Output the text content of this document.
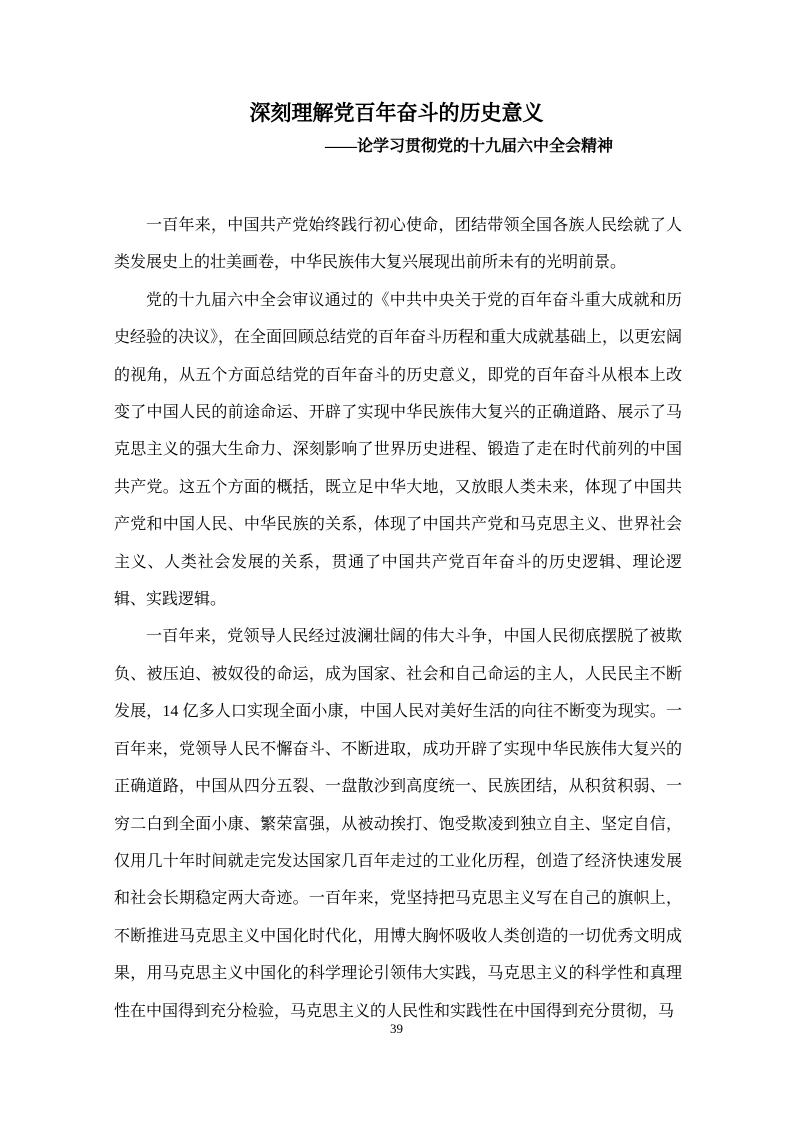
深刻理解党百年奋斗的历史意义
——论学习贯彻党的十九届六中全会精神

一百年来，中国共产党始终践行初心使命，团结带领全国各族人民绘就了人类发展史上的壮美画卷，中华民族伟大复兴展现出前所未有的光明前景。

党的十九届六中全会审议通过的《中共中央关于党的百年奋斗重大成就和历史经验的决议》，在全面回顾总结党的百年奋斗历程和重大成就基础上，以更宏阔的视角，从五个方面总结党的百年奋斗的历史意义，即党的百年奋斗从根本上改变了中国人民的前途命运、开辟了实现中华民族伟大复兴的正确道路、展示了马克思主义的强大生命力、深刻影响了世界历史进程、锻造了走在时代前列的中国共产党。这五个方面的概括，既立足中华大地，又放眼人类未来，体现了中国共产党和中国人民、中华民族的关系，体现了中国共产党和马克思主义、世界社会主义、人类社会发展的关系，贯通了中国共产党百年奋斗的历史逻辑、理论逻辑、实践逻辑。

一百年来，党领导人民经过波澜壮阔的伟大斗争，中国人民彻底摆脱了被欺负、被压迫、被奴役的命运，成为国家、社会和自己命运的主人，人民民主不断发展，14 亿多人口实现全面小康，中国人民对美好生活的向往不断变为现实。一百年来，党领导人民不懈奋斗、不断进取，成功开辟了实现中华民族伟大复兴的正确道路，中国从四分五裂、一盘散沙到高度统一、民族团结，从积贫积弱、一穷二白到全面小康、繁荣富强，从被动挨打、饱受欺凌到独立自主、坚定自信，仅用几十年时间就走完发达国家几百年走过的工业化历程，创造了经济快速发展和社会长期稳定两大奇迹。一百年来，党坚持把马克思主义写在自己的旗帜上，不断推进马克思主义中国化时代化，用博大胸怀吸收人类创造的一切优秀文明成果，用马克思主义中国化的科学理论引领伟大实践，马克思主义的科学性和真理性在中国得到充分检验，马克思主义的人民性和实践性在中国得到充分贯彻，马

39
